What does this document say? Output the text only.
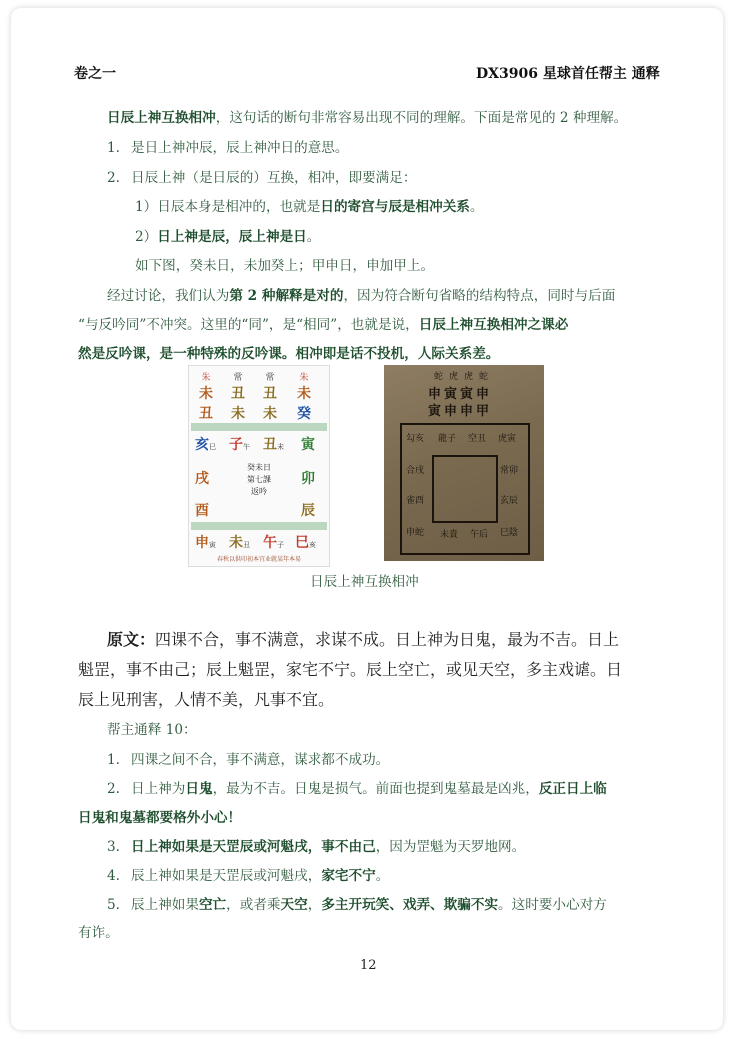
卷之一	DX3906 星球首任帮主 通释
日辰上神互换相冲，这句话的断句非常容易出现不同的理解。下面是常见的 2 种理解。
1. 是日上神冲辰，辰上神冲日的意思。
2. 日辰上神（是日辰的）互换，相冲，即要满足：
1）日辰本身是相冲的，也就是日的寄宫与辰是相冲关系。
2）日上神是辰，辰上神是日。
如下图，癸未日，未加癸上；甲申日，申加甲上。
经过讨论，我们认为第 2 种解释是对的，因为符合断句省略的结构特点，同时与后面
“与反吟同”不冲突。这里的“同”，是“相同”，也就是说，日辰上神互换相冲之课必
然是反吟课，是一种特殊的反吟课。相冲即是话不投机，人际关系差。
朱
未
丑
常
丑
未
常
丑
未
朱
未
癸
亥巳 子午 丑未 寅
戌
酉
卯
辰
癸未日
第七課
返吟
申寅 未丑 午子 巳亥
春秋以供印初本宜业就某年本易
蛇虎虎蛇
申寅寅申
寅申申甲
勾亥 龍子 空丑 虎寅
合戌
雀酉
申蛇
常卯
玄辰
巳陰
未貴 午后
日辰上神互换相冲
原文：四课不合，事不满意，求谋不成。日上神为日鬼，最为不吉。日上
魁罡，事不由己；辰上魁罡，家宅不宁。辰上空亡，或见天空，多主戏谑。日
辰上见刑害，人情不美，凡事不宜。
帮主通释 10：
1. 四课之间不合，事不满意，谋求都不成功。
2. 日上神为日鬼，最为不吉。日鬼是损气。前面也提到鬼墓最是凶兆，反正日上临
日鬼和鬼墓都要格外小心！
3. 日上神如果是天罡辰或河魁戌，事不由己，因为罡魁为天罗地网。
4. 辰上神如果是天罡辰或河魁戌，家宅不宁。
5. 辰上神如果空亡，或者乘天空，多主开玩笑、戏弄、欺骗不实。这时要小心对方
有诈。
12
